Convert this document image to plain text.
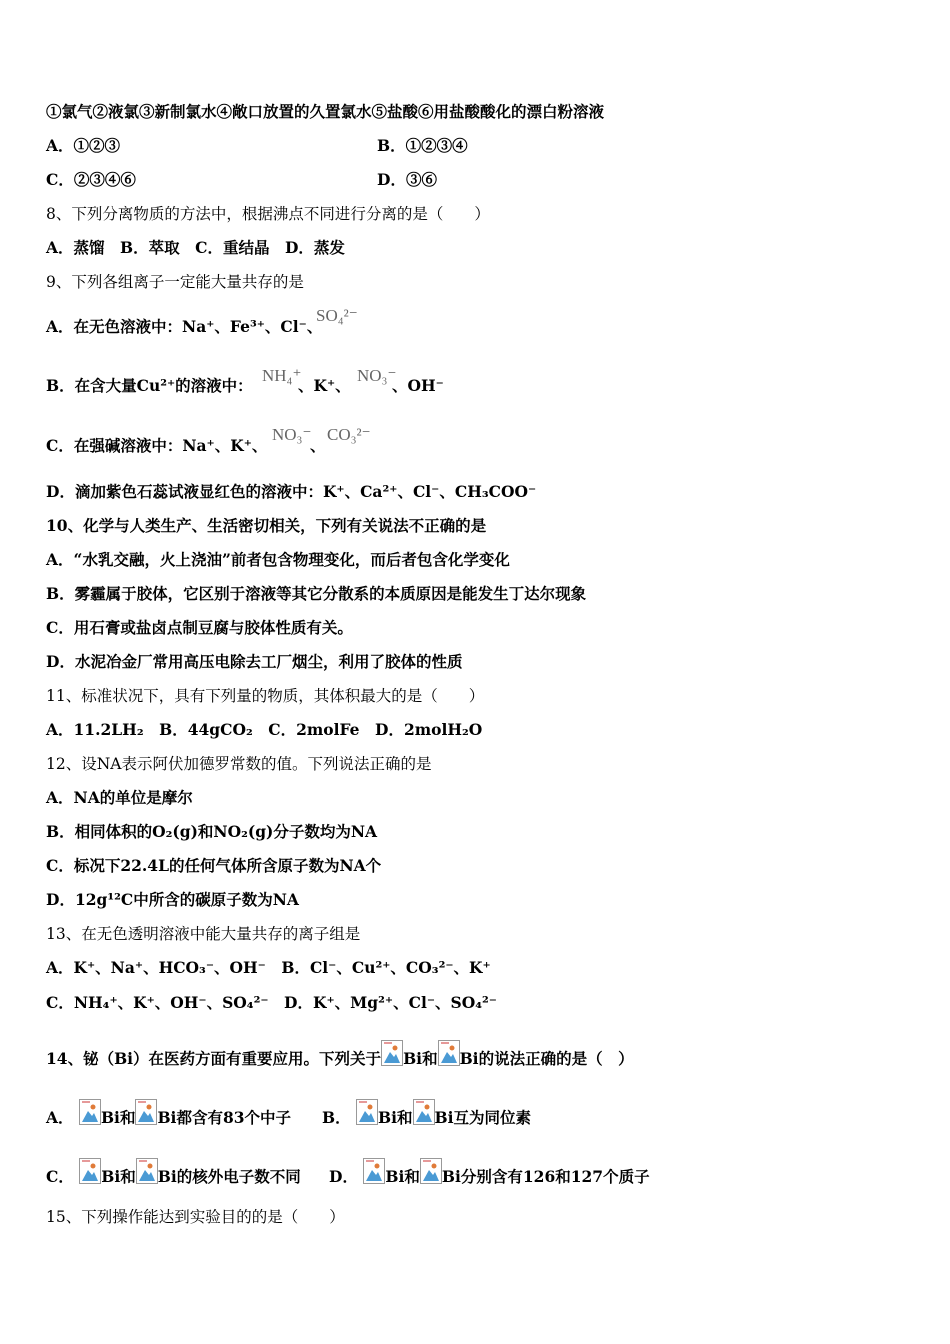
①氯气②液氯③新制氯水④敞口放置的久置氯水⑤盐酸⑥用盐酸酸化的漂白粉溶液
A．①②③	B．①②③④
C．②③④⑥	D．③⑥
8、下列分离物质的方法中，根据沸点不同进行分离的是（　　）
A．蒸馏　B．萃取　C．重结晶　D．蒸发
9、下列各组离子一定能大量共存的是
A．在无色溶液中：Na⁺、Fe³⁺、Cl⁻、
SO₄²⁻
B．在含大量Cu²⁺的溶液中：
NH₄⁺
、K⁺、
NO₃⁻
、OH⁻
C．在强碱溶液中：Na⁺、K⁺、
NO₃⁻
、
CO₃²⁻
D．滴加紫色石蕊试液显红色的溶液中：K⁺、Ca²⁺、Cl⁻、CH₃COO⁻
10、化学与人类生产、生活密切相关，下列有关说法不正确的是
A．“水乳交融，火上浇油”前者包含物理变化，而后者包含化学变化
B．雾霾属于胶体，它区别于溶液等其它分散系的本质原因是能发生丁达尔现象
C．用石膏或盐卤点制豆腐与胶体性质有关。
D．水泥冶金厂常用高压电除去工厂烟尘，利用了胶体的性质
11、标准状况下，具有下列量的物质，其体积最大的是（　　）
A．11.2LH₂　B．44gCO₂　C．2molFe　D．2molH₂O
12、设NA表示阿伏加德罗常数的值。下列说法正确的是
A．NA的单位是摩尔
B．相同体积的O₂(g)和NO₂(g)分子数均为NA
C．标况下22.4L的任何气体所含原子数为NA个
D．12g¹²C中所含的碳原子数为NA
13、在无色透明溶液中能大量共存的离子组是
A．K⁺、Na⁺、HCO₃⁻、OH⁻　B．Cl⁻、Cu²⁺、CO₃²⁻、K⁺
C．NH₄⁺、K⁺、OH⁻、SO₄²⁻　D．K⁺、Mg²⁺、Cl⁻、SO₄²⁻
14、铋（Bi）在医药方面有重要应用。下列关于 Bi和 Bi的说法正确的是（　）
A． Bi和 Bi都含有83个中子 B． Bi和 Bi互为同位素
C． Bi和 Bi的核外电子数不同 D． Bi和 Bi分别含有126和127个质子
15、下列操作能达到实验目的的是（　　）
